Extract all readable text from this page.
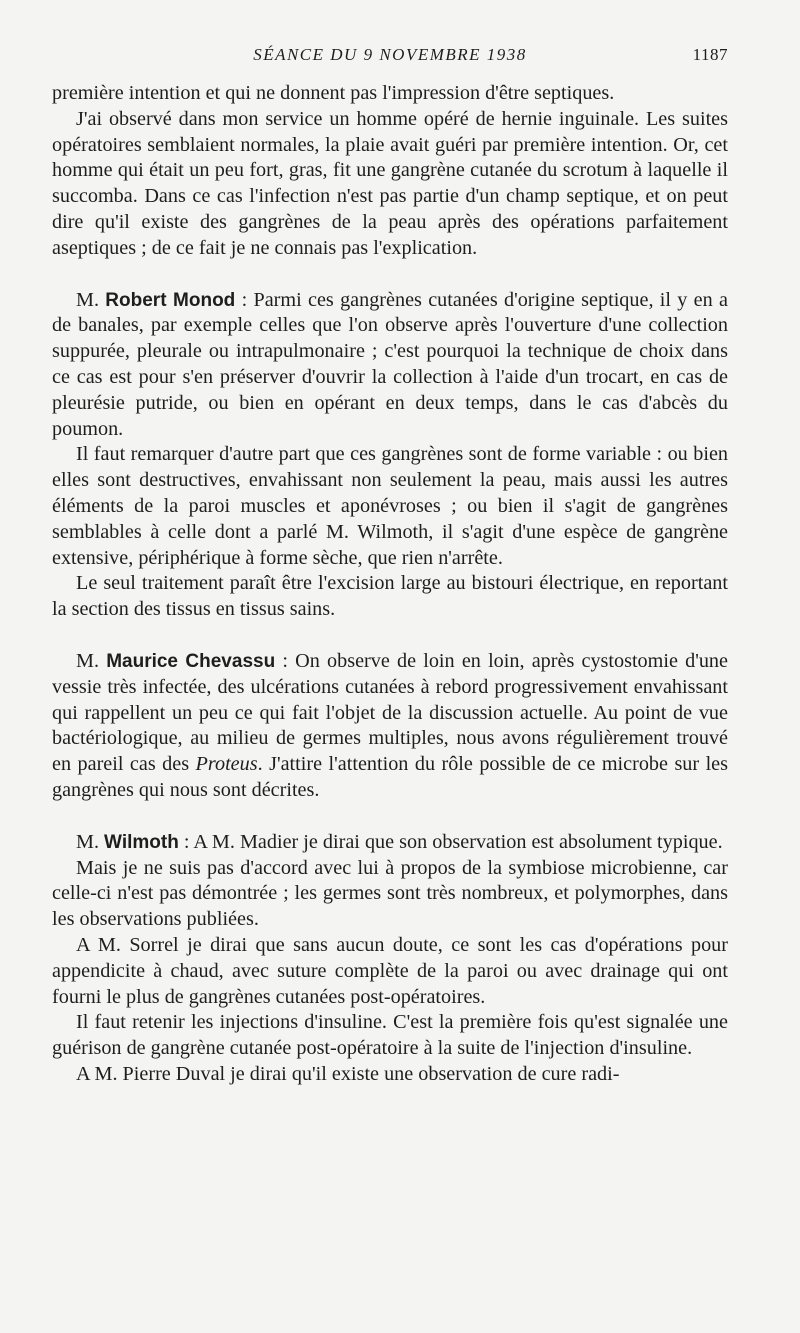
SÉANCE DU 9 NOVEMBRE 1938	1187

première intention et qui ne donnent pas l'impression d'être septiques.

J'ai observé dans mon service un homme opéré de hernie inguinale. Les suites opératoires semblaient normales, la plaie avait guéri par première intention. Or, cet homme qui était un peu fort, gras, fit une gangrène cutanée du scrotum à laquelle il succomba. Dans ce cas l'infection n'est pas partie d'un champ septique, et on peut dire qu'il existe des gangrènes de la peau après des opérations parfaitement aseptiques ; de ce fait je ne connais pas l'explication.

M. Robert Monod : Parmi ces gangrènes cutanées d'origine septique, il y en a de banales, par exemple celles que l'on observe après l'ouverture d'une collection suppurée, pleurale ou intrapulmonaire ; c'est pourquoi la technique de choix dans ce cas est pour s'en préserver d'ouvrir la collection à l'aide d'un trocart, en cas de pleurésie putride, ou bien en opérant en deux temps, dans le cas d'abcès du poumon.

Il faut remarquer d'autre part que ces gangrènes sont de forme variable : ou bien elles sont destructives, envahissant non seulement la peau, mais aussi les autres éléments de la paroi muscles et aponévroses ; ou bien il s'agit de gangrènes semblables à celle dont a parlé M. Wilmoth, il s'agit d'une espèce de gangrène extensive, périphérique à forme sèche, que rien n'arrête.

Le seul traitement paraît être l'excision large au bistouri électrique, en reportant la section des tissus en tissus sains.

M. Maurice Chevassu : On observe de loin en loin, après cystostomie d'une vessie très infectée, des ulcérations cutanées à rebord progressivement envahissant qui rappellent un peu ce qui fait l'objet de la discussion actuelle. Au point de vue bactériologique, au milieu de germes multiples, nous avons régulièrement trouvé en pareil cas des Proteus. J'attire l'attention du rôle possible de ce microbe sur les gangrènes qui nous sont décrites.

M. Wilmoth : A M. Madier je dirai que son observation est absolument typique.

Mais je ne suis pas d'accord avec lui à propos de la symbiose microbienne, car celle-ci n'est pas démontrée ; les germes sont très nombreux, et polymorphes, dans les observations publiées.

A M. Sorrel je dirai que sans aucun doute, ce sont les cas d'opérations pour appendicite à chaud, avec suture complète de la paroi ou avec drainage qui ont fourni le plus de gangrènes cutanées post-opératoires.

Il faut retenir les injections d'insuline. C'est la première fois qu'est signalée une guérison de gangrène cutanée post-opératoire à la suite de l'injection d'insuline.

A M. Pierre Duval je dirai qu'il existe une observation de cure radi-
